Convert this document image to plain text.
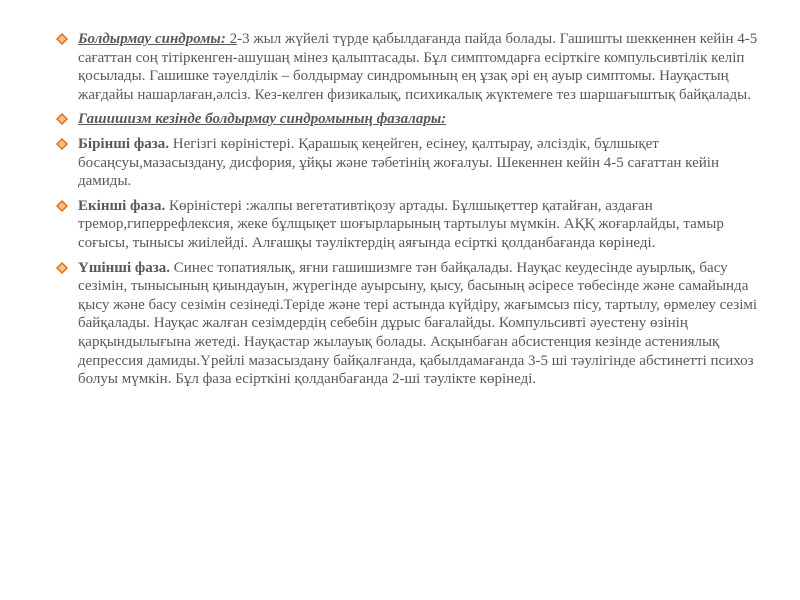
Болдырмау синдромы: 2-3 жыл жүйелі түрде қабылдағанда пайда болады. Гашишты шеккеннен кейін 4-5 сағаттан соң тітіркенген-ашушаң мінез қалыптасады. Бұл симптомдарға есірткіге компульсивтілік келіп қосылады. Гашишке тәуелділік – болдырмау синдромының ең ұзақ әрі ең ауыр симптомы. Науқастың жағдайы нашарлаған,әлсіз. Кез-келген физикалық, психикалық жүктемеге тез шаршағыштық байқалады.
Гашишизм кезінде болдырмау синдромының фазалары:
Бірінші фаза. Негізгі көріністері. Қарашық кеңейген, есінеу, қалтырау, әлсіздік, бұлшықет босаңсуы,мазасыздану, дисфория, ұйқы және тәбетінің жоғалуы. Шекеннен кейін 4-5 сағаттан кейін дамиды.
Екінші фаза. Көріністері :жалпы вегетативтіқозу артады. Бұлшықеттер қатайған, аздаған тремор,гиперрефлексия, жеке бұлщықет шоғырларының тартылуы мүмкін. АҚҚ жоғарлайды, тамыр соғысы, тынысы жиілейді. Алғашқы тәуліктердің аяғында есірткі қолданбағанда көрінеді.
Үшінші фаза. Синес топатиялық, яғни гашишизмге тән байқалады. Науқас кеудесінде ауырлық, басу сезімін, тынысының қиындауын, жүрегінде ауырсыну, қысу, басының әсіресе төбесінде және самайында қысу және басу сезімін сезінеді.Теріде және тері астында күйдіру, жағымсыз пісу, тартылу, өрмелеу сезімі байқалады. Науқас жалған сезімдердің себебін дұрыс бағалайды. Компульсивті әуестену өзінің қарқындылығына жетеді. Науқастар жылауық болады. Асқынбаған абсистенция кезінде астениялық депрессия дамиды.Үрейлі мазасыздану байқалғанда, қабылдамағанда 3-5 ші тәулігінде абстинетті психоз болуы мүмкін. Бұл фаза есірткіні қолданбағанда 2-ші тәулікте көрінеді.
